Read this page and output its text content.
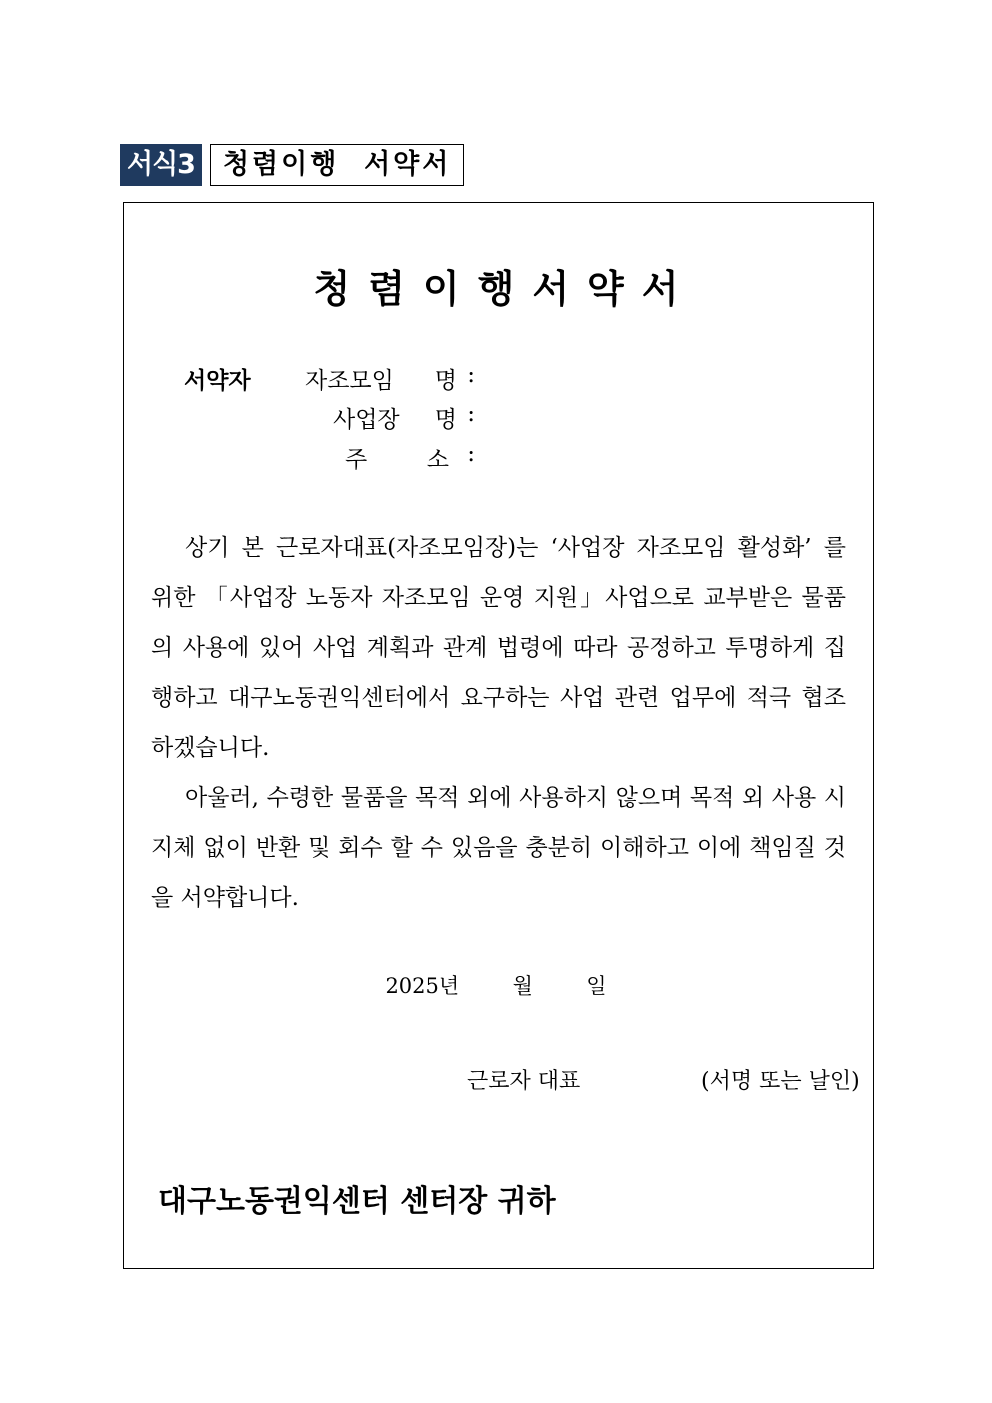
서식3	청렴이행  서약서
청렴이행서약서
서약자 자조모임 명 :
사업장 명 :
주 소 :

상기 본 근로자대표(자조모임장)는 ‘사업장 자조모임 활성화’ 를 위한 「사업장 노동자 자조모임 운영 지원」사업으로 교부받은 물품의 사용에 있어 사업 계획과 관계 법령에 따라 공정하고 투명하게 집행하고 대구노동권익센터에서 요구하는 사업 관련 업무에 적극 협조하겠습니다.

아울러, 수령한 물품을 목적 외에 사용하지 않으며 목적 외 사용 시 지체 없이 반환 및 회수 할 수 있음을 충분히 이해하고 이에 책임질 것을 서약합니다.

2025년        월        일
근로자 대표	(서명 또는 날인)
대구노동권익센터 센터장 귀하
